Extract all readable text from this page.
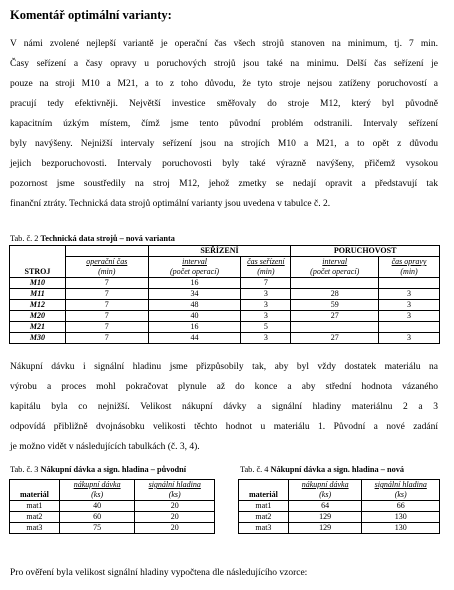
Komentář optimální varianty:
V námi zvolené nejlepší variantě je operační čas všech strojů stanoven na minimum, tj. 7 min.
Časy seřízení a časy opravy u poruchových strojů jsou také na minimu. Delší čas seřízení je
pouze na stroji M10 a M21, a to z toho důvodu, že tyto stroje nejsou zatíženy poruchovostí a
pracují tedy efektivněji. Největší investice směřovaly do stroje M12, který byl původně
kapacitním úzkým místem, čímž jsme tento původní problém odstranili. Intervaly seřízení
byly navýšeny. Nejnižší intervaly seřízení jsou na strojích M10 a M21, a to opět z důvodu
jejich bezporuchovosti. Intervaly poruchovosti byly také výrazně navýšeny, přičemž vysokou
pozornost jsme soustředily na stroj M12, jehož zmetky se nedají opravit a představují tak
finanční ztráty. Technická data strojů optimální varianty jsou uvedena v tabulce č. 2.
Tab. č. 2 Technická data strojů – nová varianta
		SEŘÍZENÍ		PORUCHOVOST	
	operační čas	interval	čas seřízení	interval	čas opravy
STROJ	(min)	(počet operací)	(min)	(počet operací)	(min)
M10	7	16	7		
M11	7	34	3	28	3
M12	7	48	3	59	3
M20	7	40	3	27	3
M21	7	16	5		
M30	7	44	3	27	3
Nákupní dávku i signální hladinu jsme přizpůsobily tak, aby byl vždy dostatek materiálu na
výrobu a proces mohl pokračovat plynule až do konce a aby střední hodnota vázaného
kapitálu byla co nejnižší. Velikost nákupní dávky a signální hladiny materiálnu 2 a 3
odpovídá přibližně dvojnásobku velikosti těchto hodnot u materiálu 1. Původní a nové zadání
je možno vidět v následujících tabulkách (č. 3, 4).
Tab. č. 3 Nákupní dávka a sign. hladina – původní	Tab. č. 4 Nákupní dávka a sign. hladina – nová
	nákupní dávka	signální hladina
materiál	(ks)	(ks)
mat1	40	20
mat2	60	20
mat3	75	20
	nákupní dávka	signální hladina
materiál	(ks)	(ks)
mat1	64	66
mat2	129	130
mat3	129	130
Pro ověření byla velikost signální hladiny vypočtena dle následujícího vzorce:
